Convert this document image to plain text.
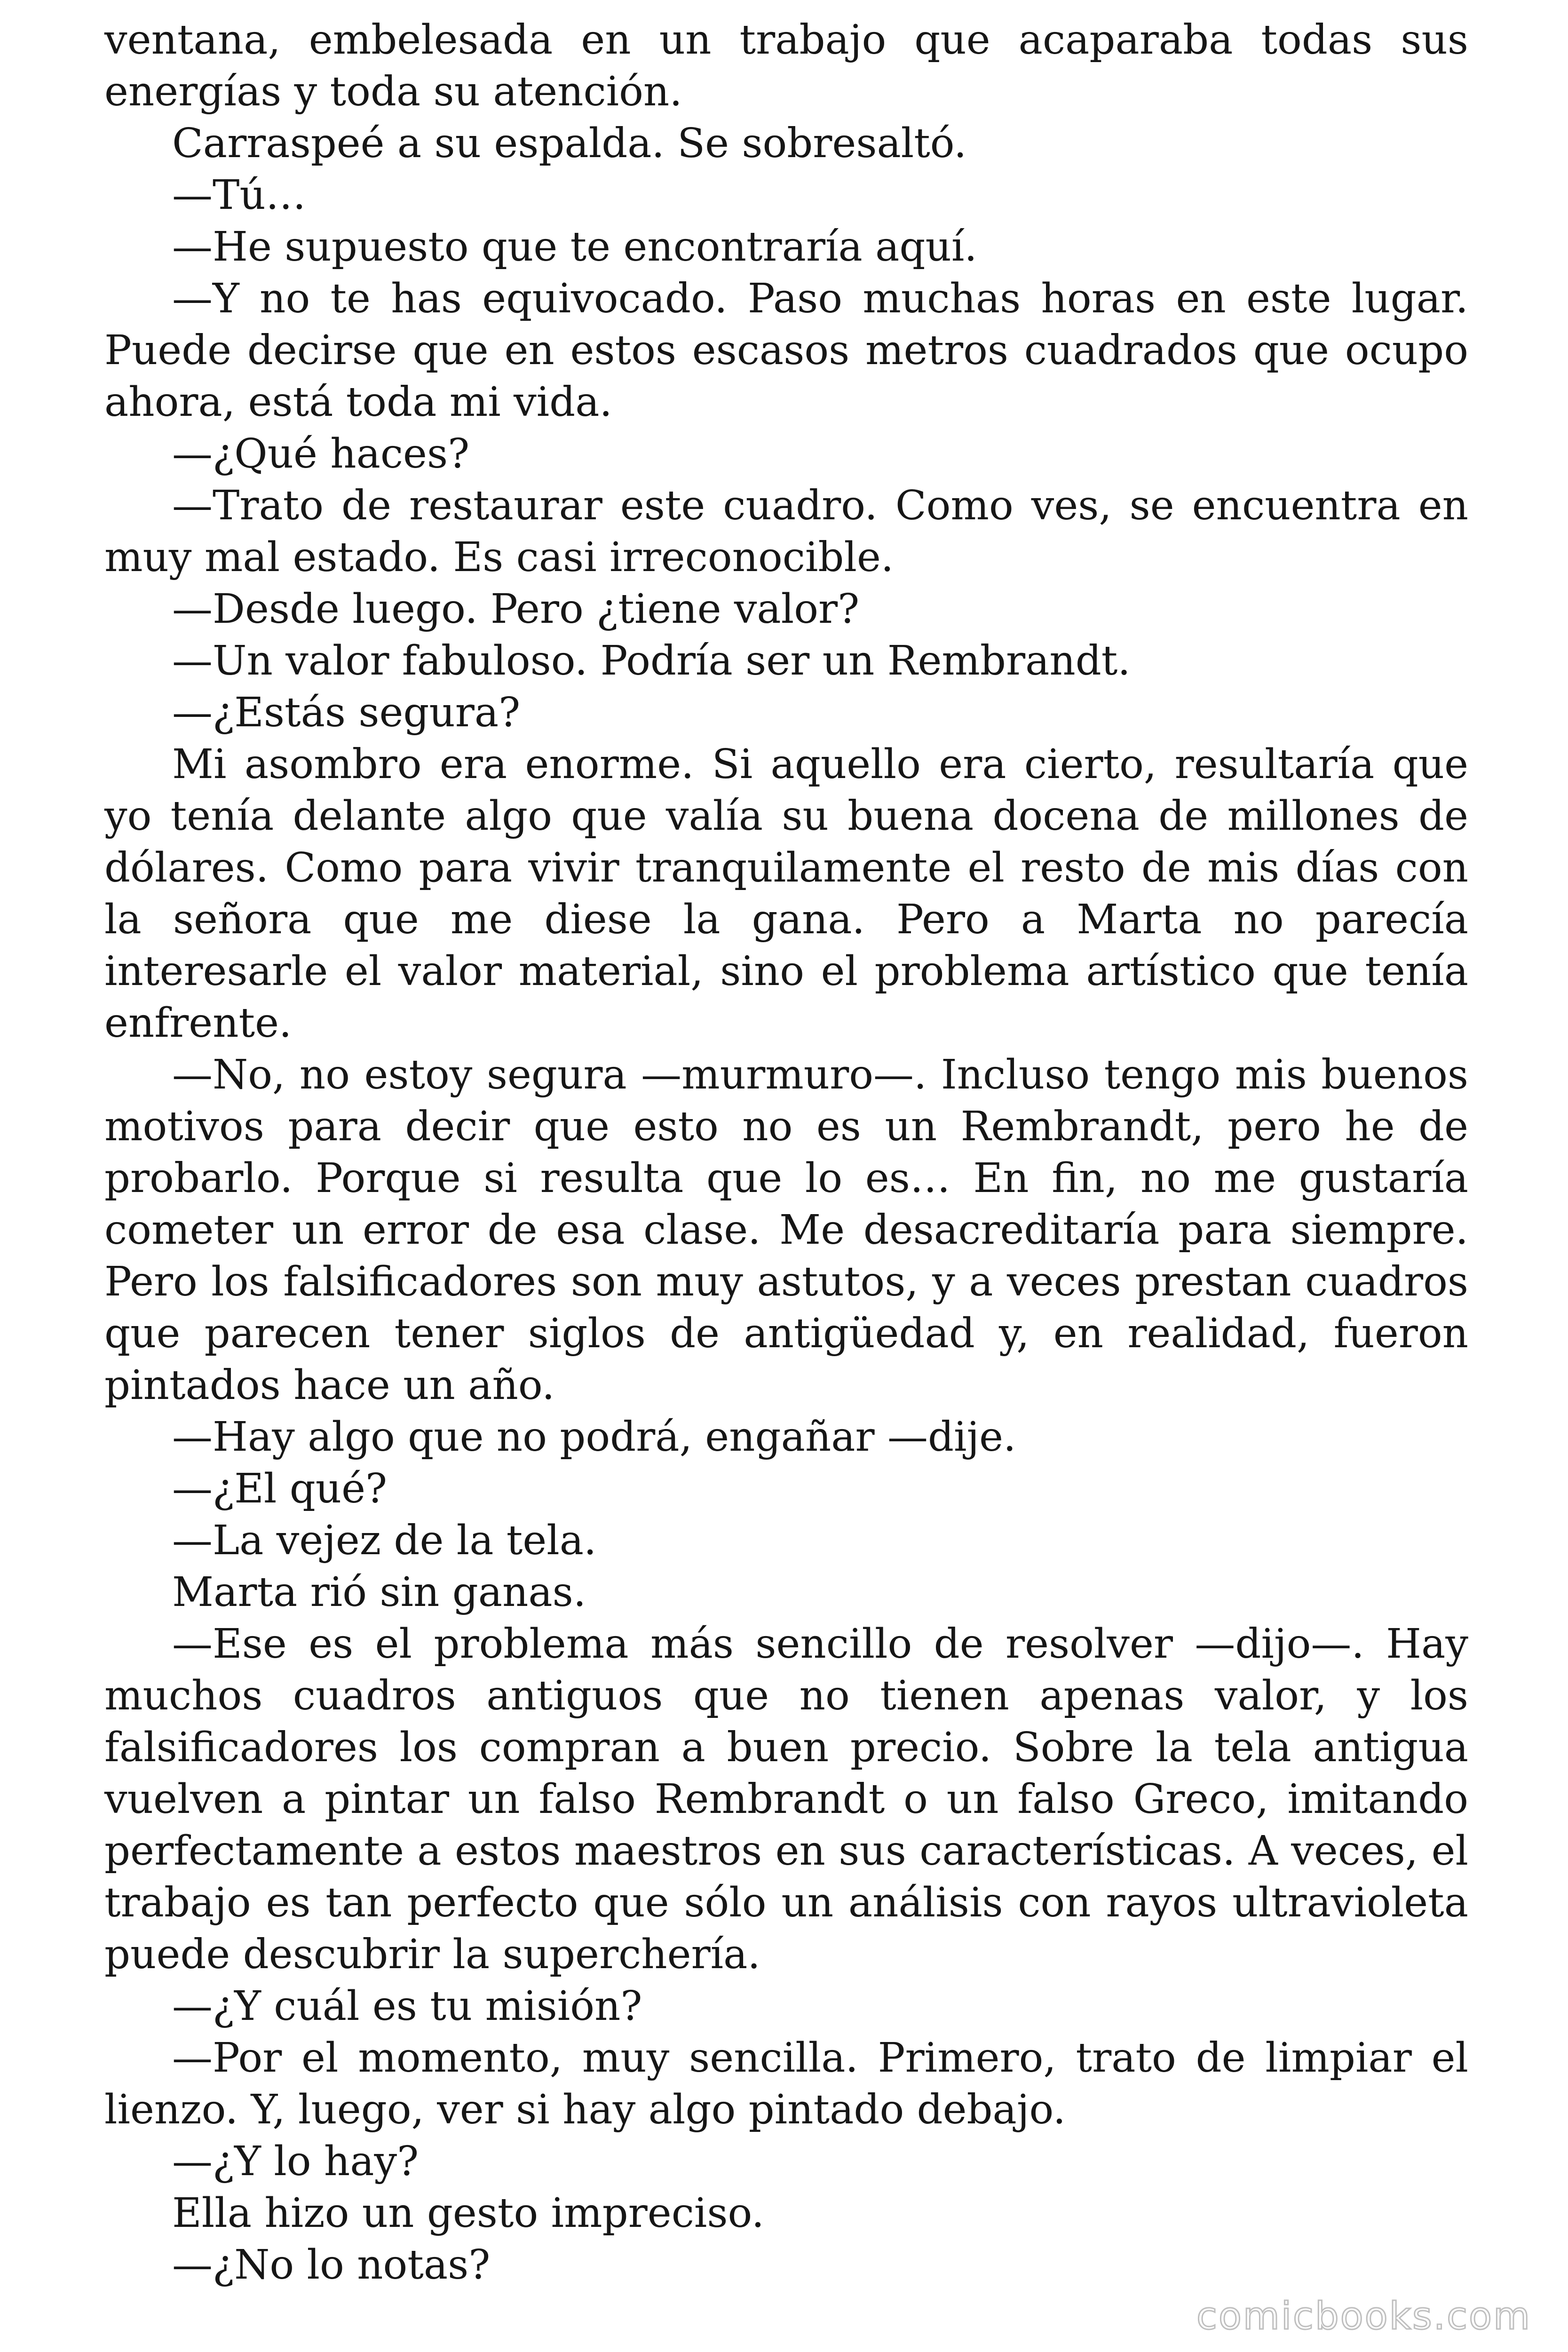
ventana, embelesada en un trabajo que acaparaba todas sus energías y toda su atención.

Carraspeé a su espalda. Se sobresaltó.

—Tú…

—He supuesto que te encontraría aquí.

—Y no te has equivocado. Paso muchas horas en este lugar. Puede decirse que en estos escasos metros cuadrados que ocupo ahora, está toda mi vida.

—¿Qué haces?

—Trato de restaurar este cuadro. Como ves, se encuentra en muy mal estado. Es casi irreconocible.

—Desde luego. Pero ¿tiene valor?

—Un valor fabuloso. Podría ser un Rembrandt.

—¿Estás segura?

Mi asombro era enorme. Si aquello era cierto, resultaría que yo tenía delante algo que valía su buena docena de millones de dólares. Como para vivir tranquilamente el resto de mis días con la señora que me diese la gana. Pero a Marta no parecía interesarle el valor material, sino el problema artístico que tenía enfrente.

—No, no estoy segura —murmuro—. Incluso tengo mis buenos motivos para decir que esto no es un Rembrandt, pero he de probarlo. Porque si resulta que lo es… En fin, no me gustaría cometer un error de esa clase. Me desacreditaría para siempre. Pero los falsificadores son muy astutos, y a veces prestan cuadros que parecen tener siglos de antigüedad y, en realidad, fueron pintados hace un año.

—Hay algo que no podrá, engañar —dije.

—¿El qué?

—La vejez de la tela.

Marta rió sin ganas.

—Ese es el problema más sencillo de resolver —dijo—. Hay muchos cuadros antiguos que no tienen apenas valor, y los falsificadores los compran a buen precio. Sobre la tela antigua vuelven a pintar un falso Rembrandt o un falso Greco, imitando perfectamente a estos maestros en sus características. A veces, el trabajo es tan perfecto que sólo un análisis con rayos ultravioleta puede descubrir la superchería.

—¿Y cuál es tu misión?

—Por el momento, muy sencilla. Primero, trato de limpiar el lienzo. Y, luego, ver si hay algo pintado debajo.

—¿Y lo hay?

Ella hizo un gesto impreciso.

—¿No lo notas?

comicbooks.com
